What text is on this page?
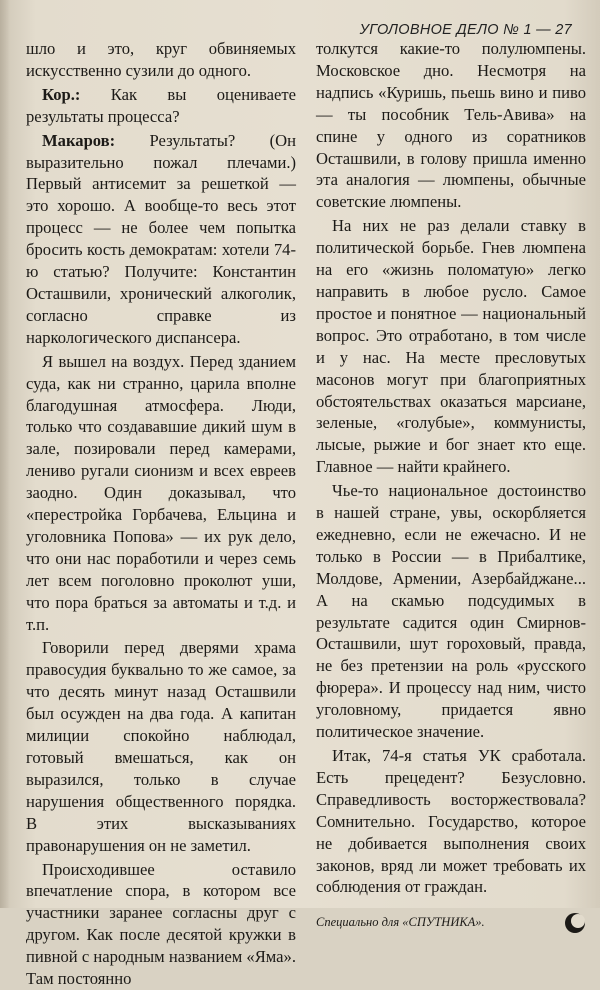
УГОЛОВНОЕ ДЕЛО № 1 — 27

шло и это, круг обвиняемых искусственно сузили до одного.

Кор.: Как вы оцениваете результаты процесса?

Макаров: Результаты? (Он выразительно пожал плечами.) Первый антисемит за решеткой — это хорошо. А вообще-то весь этот процесс — не более чем попытка бросить кость демократам: хотели 74-ю статью? Получите: Константин Осташвили, хронический алкоголик, согласно справке из наркологического диспансера.

Я вышел на воздух. Перед зданием суда, как ни странно, царила вполне благодушная атмосфера. Люди, только что создававшие дикий шум в зале, позировали перед камерами, лениво ругали сионизм и всех евреев заодно. Один доказывал, что «перестройка Горбачева, Ельцина и уголовника Попова» — их рук дело, что они нас поработили и через семь лет всем поголовно проколют уши, что пора браться за автоматы и т.д. и т.п.

Говорили перед дверями храма правосудия буквально то же самое, за что десять минут назад Осташвили был осужден на два года. А капитан милиции спокойно наблюдал, готовый вмешаться, как он выразился, только в случае нарушения общественного порядка. В этих высказываниях правонарушения он не заметил.

Происходившее оставило впечатление спора, в котором все участники заранее согласны друг с другом. Как после десятой кружки в пивной с народным названием «Яма». Там постоянно

толкутся какие-то полулюмпены. Московское дно. Несмотря на надпись «Куришь, пьешь вино и пиво — ты пособник Тель-Авива» на спине у одного из соратников Осташвили, в голову пришла именно эта аналогия — люмпены, обычные советские люмпены.

На них не раз делали ставку в политической борьбе. Гнев люмпена на его «жизнь поломатую» легко направить в любое русло. Самое простое и понятное — национальный вопрос. Это отработано, в том числе и у нас. На месте пресловутых масонов могут при благоприятных обстоятельствах оказаться марсиане, зеленые, «голубые», коммунисты, лысые, рыжие и бог знает кто еще. Главное — найти крайнего.

Чье-то национальное достоинство в нашей стране, увы, оскорбляется ежедневно, если не ежечасно. И не только в России — в Прибалтике, Молдове, Армении, Азербайджане... А на скамью подсудимых в результате садится один Смирнов-Осташвили, шут гороховый, правда, не без претензии на роль «русского фюрера». И процессу над ним, чисто уголовному, придается явно политическое значение.

Итак, 74-я статья УК сработала. Есть прецедент? Безусловно. Справедливость восторжествовала? Сомнительно. Государство, которое не добивается выполнения своих законов, вряд ли может требовать их соблюдения от граждан.

Специально для «СПУТНИКА».
